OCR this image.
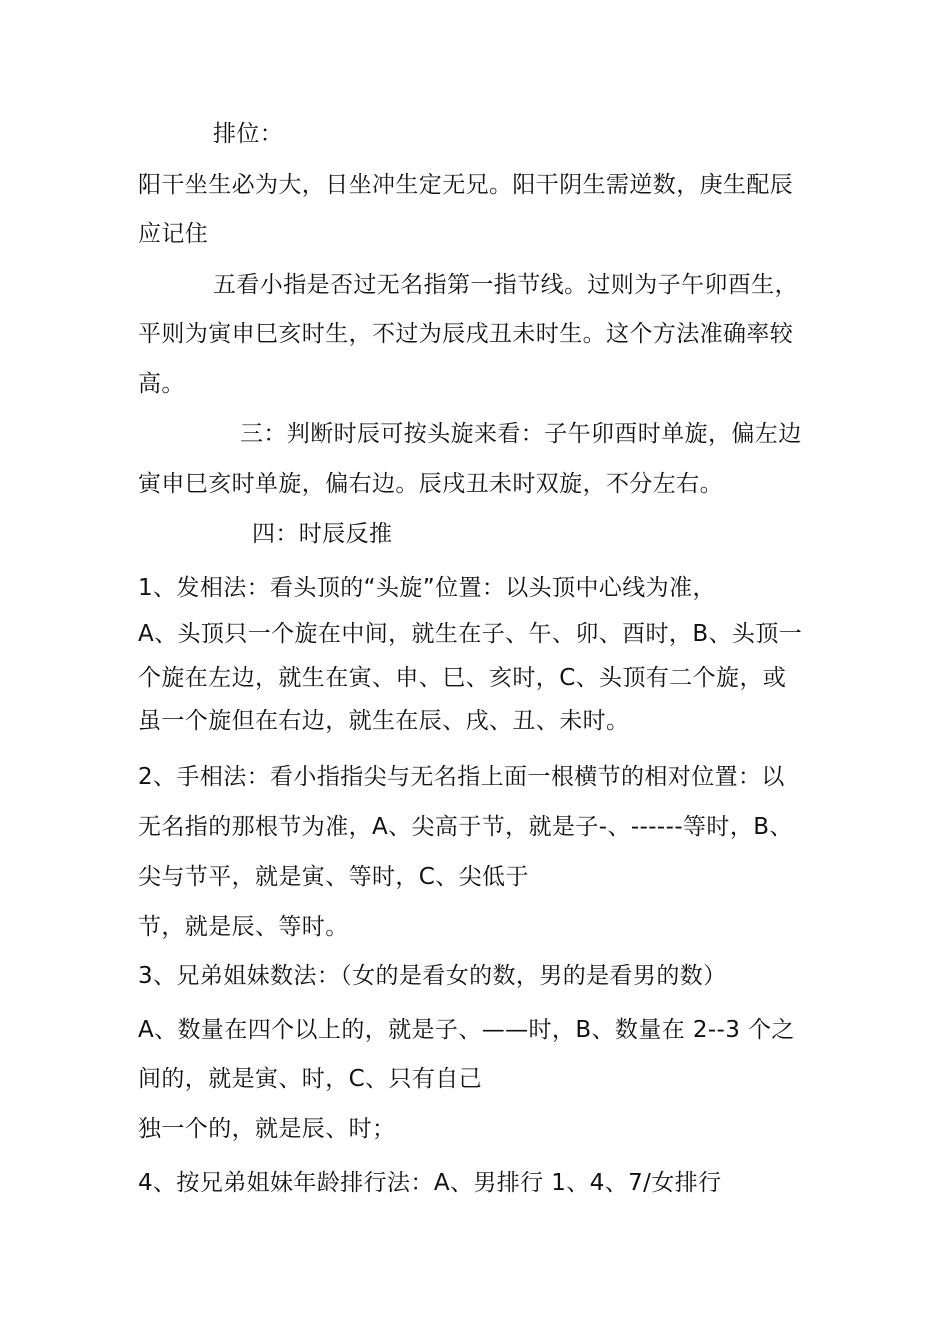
排位：

阳干坐生必为大，日坐冲生定无兄。阳干阴生需逆数，庚生配辰

应记住

五看小指是否过无名指第一指节线。过则为子午卯酉生，

平则为寅申巳亥时生，不过为辰戌丑未时生。这个方法准确率较

高。

三：判断时辰可按头旋来看：子午卯酉时单旋，偏左边

寅申巳亥时单旋，偏右边。辰戌丑未时双旋，不分左右。

四：时辰反推

1、发相法：看头顶的“头旋”位置：以头顶中心线为准，

A、头顶只一个旋在中间，就生在子、午、卯、酉时，B、头顶一

个旋在左边，就生在寅、申、巳、亥时，C、头顶有二个旋，或

虽一个旋但在右边，就生在辰、戌、丑、未时。

2、手相法：看小指指尖与无名指上面一根横节的相对位置：以

无名指的那根节为准，A、尖高于节，就是子-、------等时，B、

尖与节平，就是寅、等时，C、尖低于

节，就是辰、等时。

3、兄弟姐妹数法：（女的是看女的数，男的是看男的数）

A、数量在四个以上的，就是子、——时，B、数量在 2--3 个之

间的，就是寅、时，C、只有自己

独一个的，就是辰、时；

4、按兄弟姐妹年龄排行法：A、男排行 1、4、7/女排行
